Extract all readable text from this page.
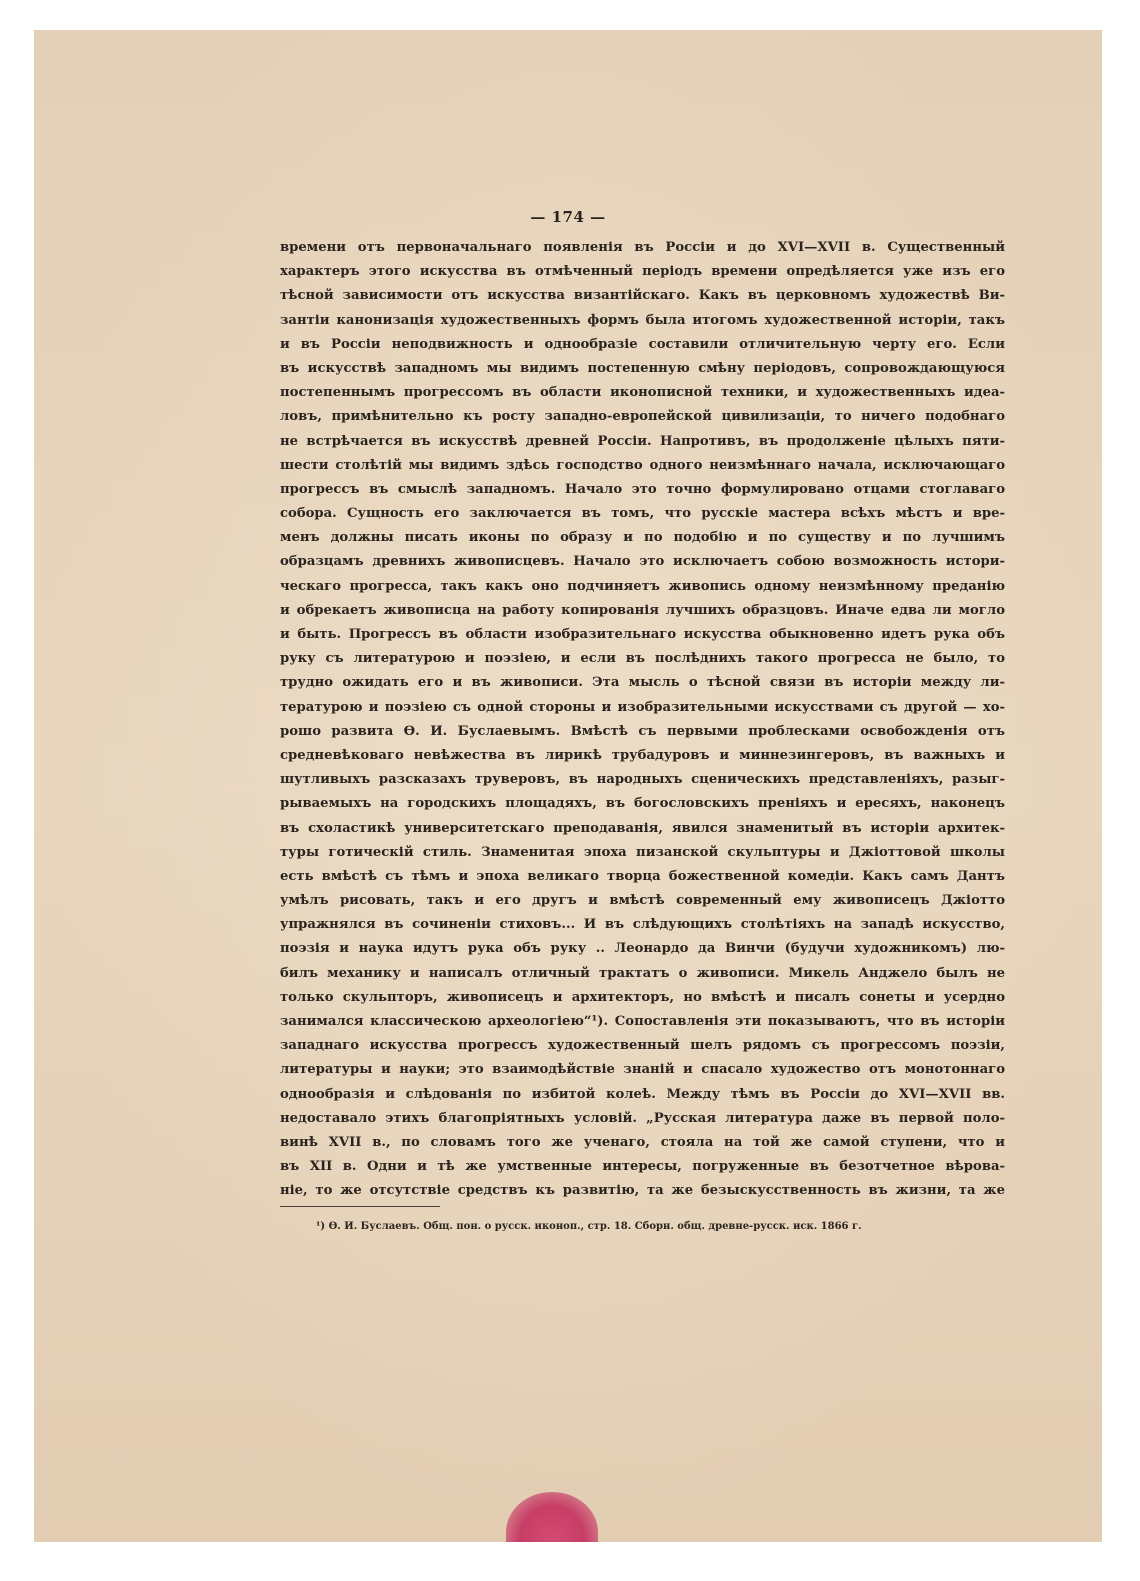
— 174 —
времени отъ первоначальнаго появленія въ Россіи и до XVI—XVII в. Существенный
характеръ этого искусства въ отмѣченный періодъ времени опредѣляется уже изъ его
тѣсной зависимости отъ искусства византійскаго. Какъ въ церковномъ художествѣ Ви-
зантіи канонизація художественныхъ формъ была итогомъ художественной исторіи, такъ
и въ Россіи неподвижность и однообразіе составили отличительную черту его. Если
въ искусствѣ западномъ мы видимъ постепенную смѣну періодовъ, сопровождающуюся
постепеннымъ прогрессомъ въ области иконописной техники, и художественныхъ идеа-
ловъ, примѣнительно къ росту западно-европейской цивилизаціи, то ничего подобнаго
не встрѣчается въ искусствѣ древней Россіи. Напротивъ, въ продолженіе цѣлыхъ пяти-
шести столѣтій мы видимъ здѣсь господство одного неизмѣннаго начала, исключающаго
прогрессъ въ смыслѣ западномъ. Начало это точно формулировано отцами стоглаваго
собора. Сущность его заключается въ томъ, что русскіе мастера всѣхъ мѣстъ и вре-
менъ должны писать иконы по образу и по подобію и по существу и по лучшимъ
образцамъ древнихъ живописцевъ. Начало это исключаетъ собою возможность истори-
ческаго прогресса, такъ какъ оно подчиняетъ живопись одному неизмѣнному преданію
и обрекаетъ живописца на работу копированія лучшихъ образцовъ. Иначе едва ли могло
и быть. Прогрессъ въ области изобразительнаго искусства обыкновенно идетъ рука объ
руку съ литературою и поэзіею, и если въ послѣднихъ такого прогресса не было, то
трудно ожидать его и въ живописи. Эта мысль о тѣсной связи въ исторіи между ли-
тературою и поэзіею съ одной стороны и изобразительными искусствами съ другой — хо-
рошо развита Ѳ. И. Буслаевымъ. Вмѣстѣ съ первыми проблесками освобожденія отъ
средневѣковаго невѣжества въ лирикѣ трубадуровъ и миннезингеровъ, въ важныхъ и
шутливыхъ разсказахъ труверовъ, въ народныхъ сценическихъ представленіяхъ, разыг-
рываемыхъ на городскихъ площадяхъ, въ богословскихъ преніяхъ и ересяхъ, наконецъ
въ схоластикѣ университетскаго преподаванія, явился знаменитый въ исторіи архитек-
туры готическій стиль. Знаменитая эпоха пизанской скульптуры и Джіоттовой школы
есть вмѣстѣ съ тѣмъ и эпоха великаго творца божественной комедіи. Какъ самъ Дантъ
умѣлъ рисовать, такъ и его другъ и вмѣстѣ современный ему живописецъ Джіотто
упражнялся въ сочиненіи стиховъ... И въ слѣдующихъ столѣтіяхъ на западѣ искусство,
поэзія и наука идутъ рука объ руку .. Леонардо да Винчи (будучи художникомъ) лю-
билъ механику и написалъ отличный трактатъ о живописи. Микель Анджело былъ не
только скульпторъ, живописецъ и архитекторъ, но вмѣстѣ и писалъ сонеты и усердно
занимался классическою археологіею“¹). Сопоставленія эти показываютъ, что въ исторіи
западнаго искусства прогрессъ художественный шелъ рядомъ съ прогрессомъ поэзіи,
литературы и науки; это взаимодѣйствіе знаній и спасало художество отъ монотоннаго
однообразія и слѣдованія по избитой колеѣ. Между тѣмъ въ Россіи до XVI—XVII вв.
недоставало этихъ благопріятныхъ условій. „Русская литература даже въ первой поло-
винѣ XVII в., по словамъ того же ученаго, стояла на той же самой ступени, что и
въ XII в. Одни и тѣ же умственные интересы, погруженные въ безотчетное вѣрова-
ніе, то же отсутствіе средствъ къ развитію, та же безыскусственность въ жизни, та же
¹) Ѳ. И. Буслаевъ. Общ. пон. о русск. иконоп., стр. 18. Сборн. общ. древне-русск. иск. 1866 г.
